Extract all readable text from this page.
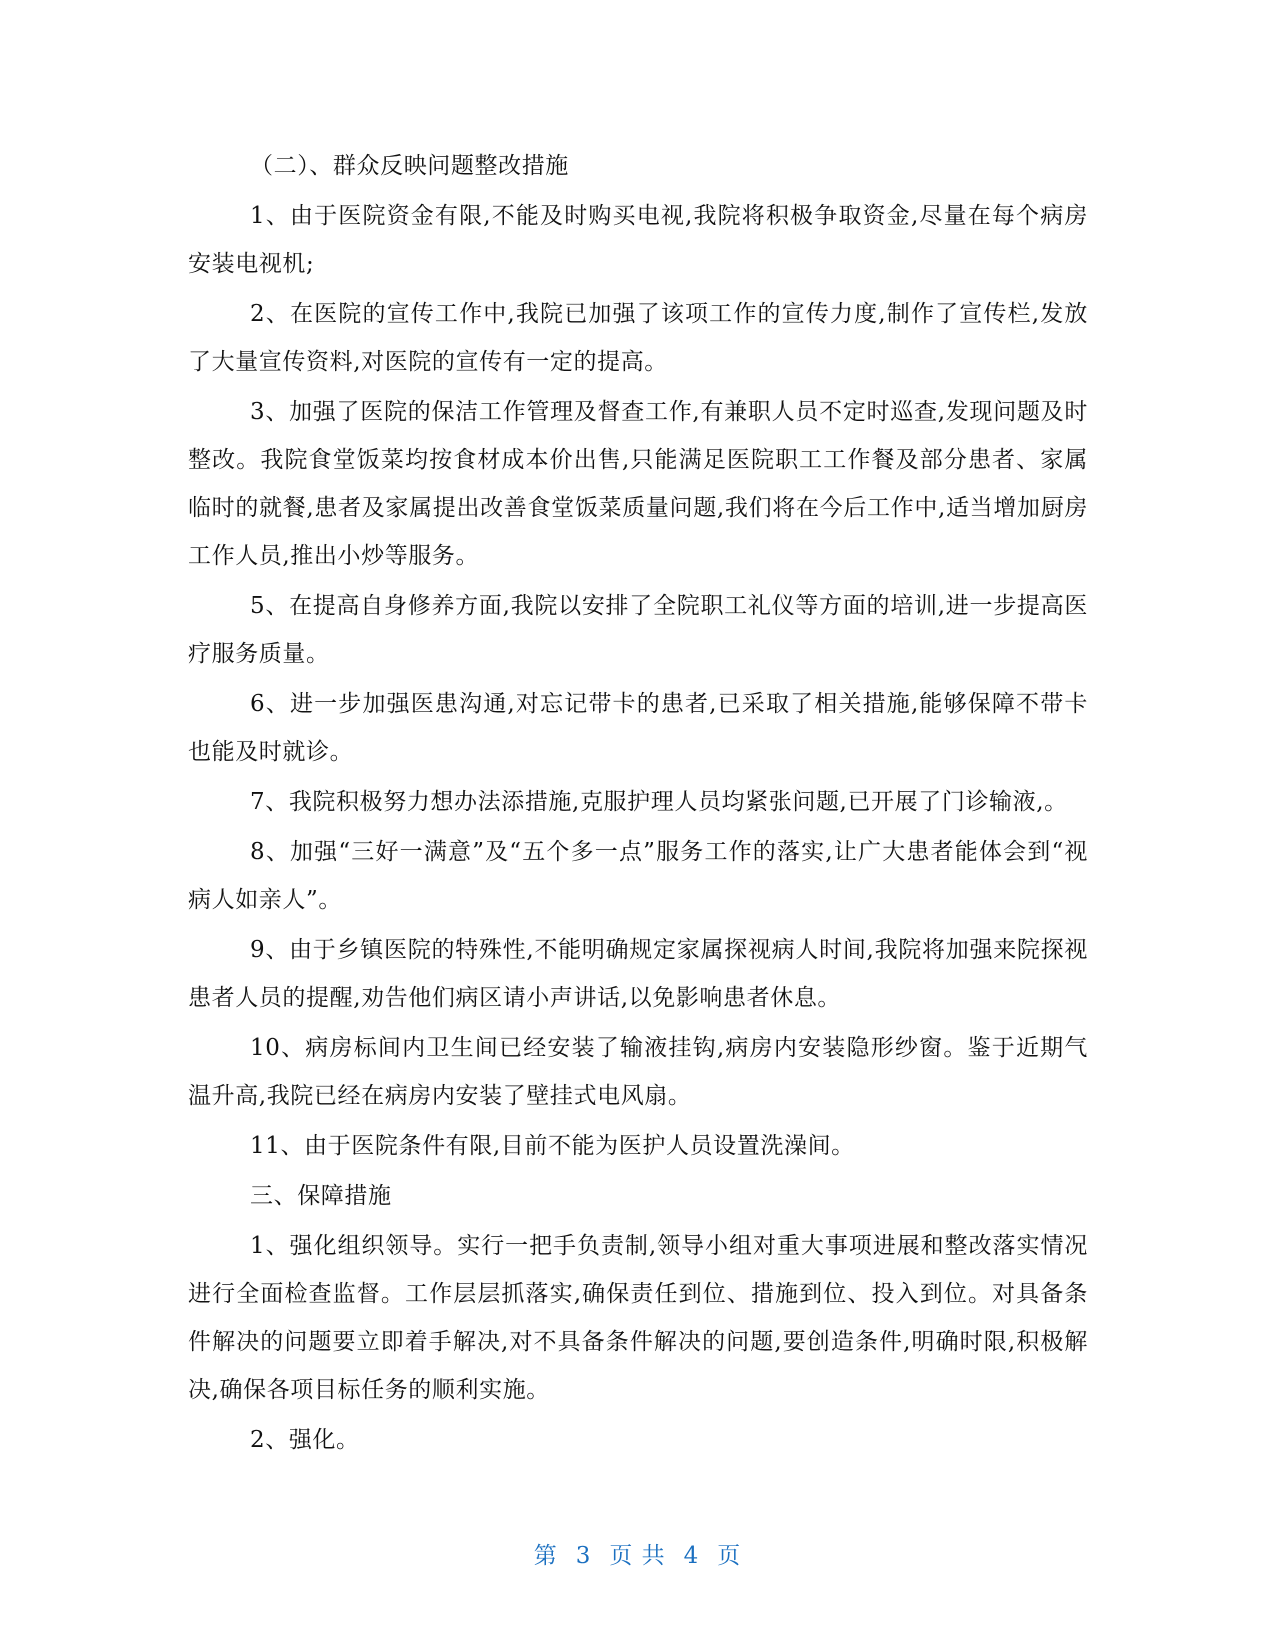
（二）、群众反映问题整改措施

1、由于医院资金有限,不能及时购买电视,我院将积极争取资金,尽量在每个病房安装电视机;

2、在医院的宣传工作中,我院已加强了该项工作的宣传力度,制作了宣传栏,发放了大量宣传资料,对医院的宣传有一定的提高。

3、加强了医院的保洁工作管理及督查工作,有兼职人员不定时巡查,发现问题及时整改。我院食堂饭菜均按食材成本价出售,只能满足医院职工工作餐及部分患者、家属临时的就餐,患者及家属提出改善食堂饭菜质量问题,我们将在今后工作中,适当增加厨房工作人员,推出小炒等服务。

5、在提高自身修养方面,我院以安排了全院职工礼仪等方面的培训,进一步提高医疗服务质量。

6、进一步加强医患沟通,对忘记带卡的患者,已采取了相关措施,能够保障不带卡也能及时就诊。

7、我院积极努力想办法添措施,克服护理人员均紧张问题,已开展了门诊输液,。

8、加强“三好一满意”及“五个多一点”服务工作的落实,让广大患者能体会到“视病人如亲人”。

9、由于乡镇医院的特殊性,不能明确规定家属探视病人时间,我院将加强来院探视患者人员的提醒,劝告他们病区请小声讲话,以免影响患者休息。

10、病房标间内卫生间已经安装了输液挂钩,病房内安装隐形纱窗。鉴于近期气温升高,我院已经在病房内安装了壁挂式电风扇。

11、由于医院条件有限,目前不能为医护人员设置洗澡间。

三、保障措施

1、强化组织领导。实行一把手负责制,领导小组对重大事项进展和整改落实情况进行全面检查监督。工作层层抓落实,确保责任到位、措施到位、投入到位。对具备条件解决的问题要立即着手解决,对不具备条件解决的问题,要创造条件,明确时限,积极解决,确保各项目标任务的顺利实施。

2、强化。

第 3 页 共 4 页
